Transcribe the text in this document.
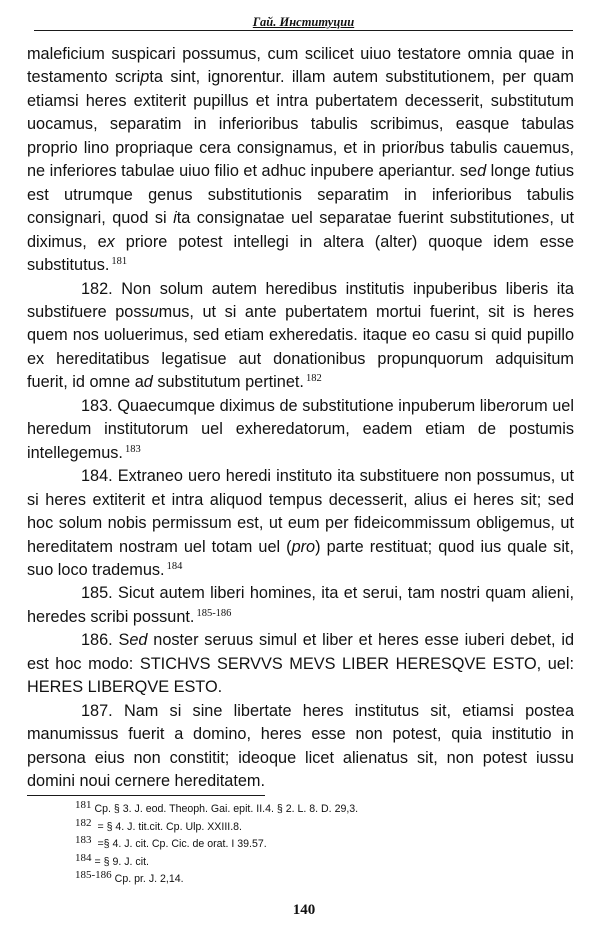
Гай. Институции

maleficium suspicari possumus, cum scilicet uiuo testatore omnia quae in testamento scripta sint, ignorentur. illam autem substitutionem, per quam etiamsi heres extiterit pupillus et intra pubertatem decesserit, substitutum uocamus, separatim in inferioribus tabulis scribimus, easque tabulas proprio lino propriaque cera consignamus, et in prioribus tabulis cauemus, ne inferiores tabulae uiuo filio et adhuc inpubere aperiantur. sed longe tutius est utrumque genus substitutionis separatim in inferioribus tabulis consignari, quod si ita consignatae uel separatae fuerint substitutiones, ut diximus, ex priore potest intellegi in altera (alter) quoque idem esse substitutus. $^{181}$

182. Non solum autem heredibus institutis inpuberibus liberis ita substituere possumus, ut si ante pubertatem mortui fuerint, sit is heres quem nos uoluerimus, sed etiam exheredatis. itaque eo casu si quid pupillo ex hereditatibus legatisue aut donationibus propunquorum adquisitum fuerit, id omne ad substitutum pertinet. $^{182}$

183. Quaecumque diximus de substitutione inpuberum liberorum uel heredum institutorum uel exheredatorum, eadem etiam de postumis intellegemus. $^{183}$

184. Extraneo uero heredi instituto ita substituere non possumus, ut si heres extiterit et intra aliquod tempus decesserit, alius ei heres sit; sed hoc solum nobis permissum est, ut eum per fideicommissum obligemus, ut hereditatem nostram uel totam uel (pro) parte restituat; quod ius quale sit, suo loco trademus. $^{184}$

185. Sicut autem liberi homines, ita et serui, tam nostri quam alieni, heredes scribi possunt. $^{185-186}$

186. Sed noster seruus simul et liber et heres esse iuberi debet, id est hoc modo: STICHVS SERVVS MEVS LIBER HERESQVE ESTO, uel: HERES LIBERQVE ESTO.

187. Nam si sine libertate heres institutus sit, etiamsi postea manumissus fuerit a domino, heres esse non potest, quia institutio in persona eius non constitit; ideoque licet alienatus sit, non potest iussu domini noui cernere hereditatem.

181 Cp. § 3. J. eod. Theoph. Gai. epit. II.4. § 2. L. 8. D. 29,3.
182 = § 4. J. tit.cit. Cp. Ulp. XXIII.8.
183 =§ 4. J. cit. Cp. Cic. de orat. I 39.57.
184 = § 9. J. cit.
185-186 Cp. pr. J. 2,14.
140
